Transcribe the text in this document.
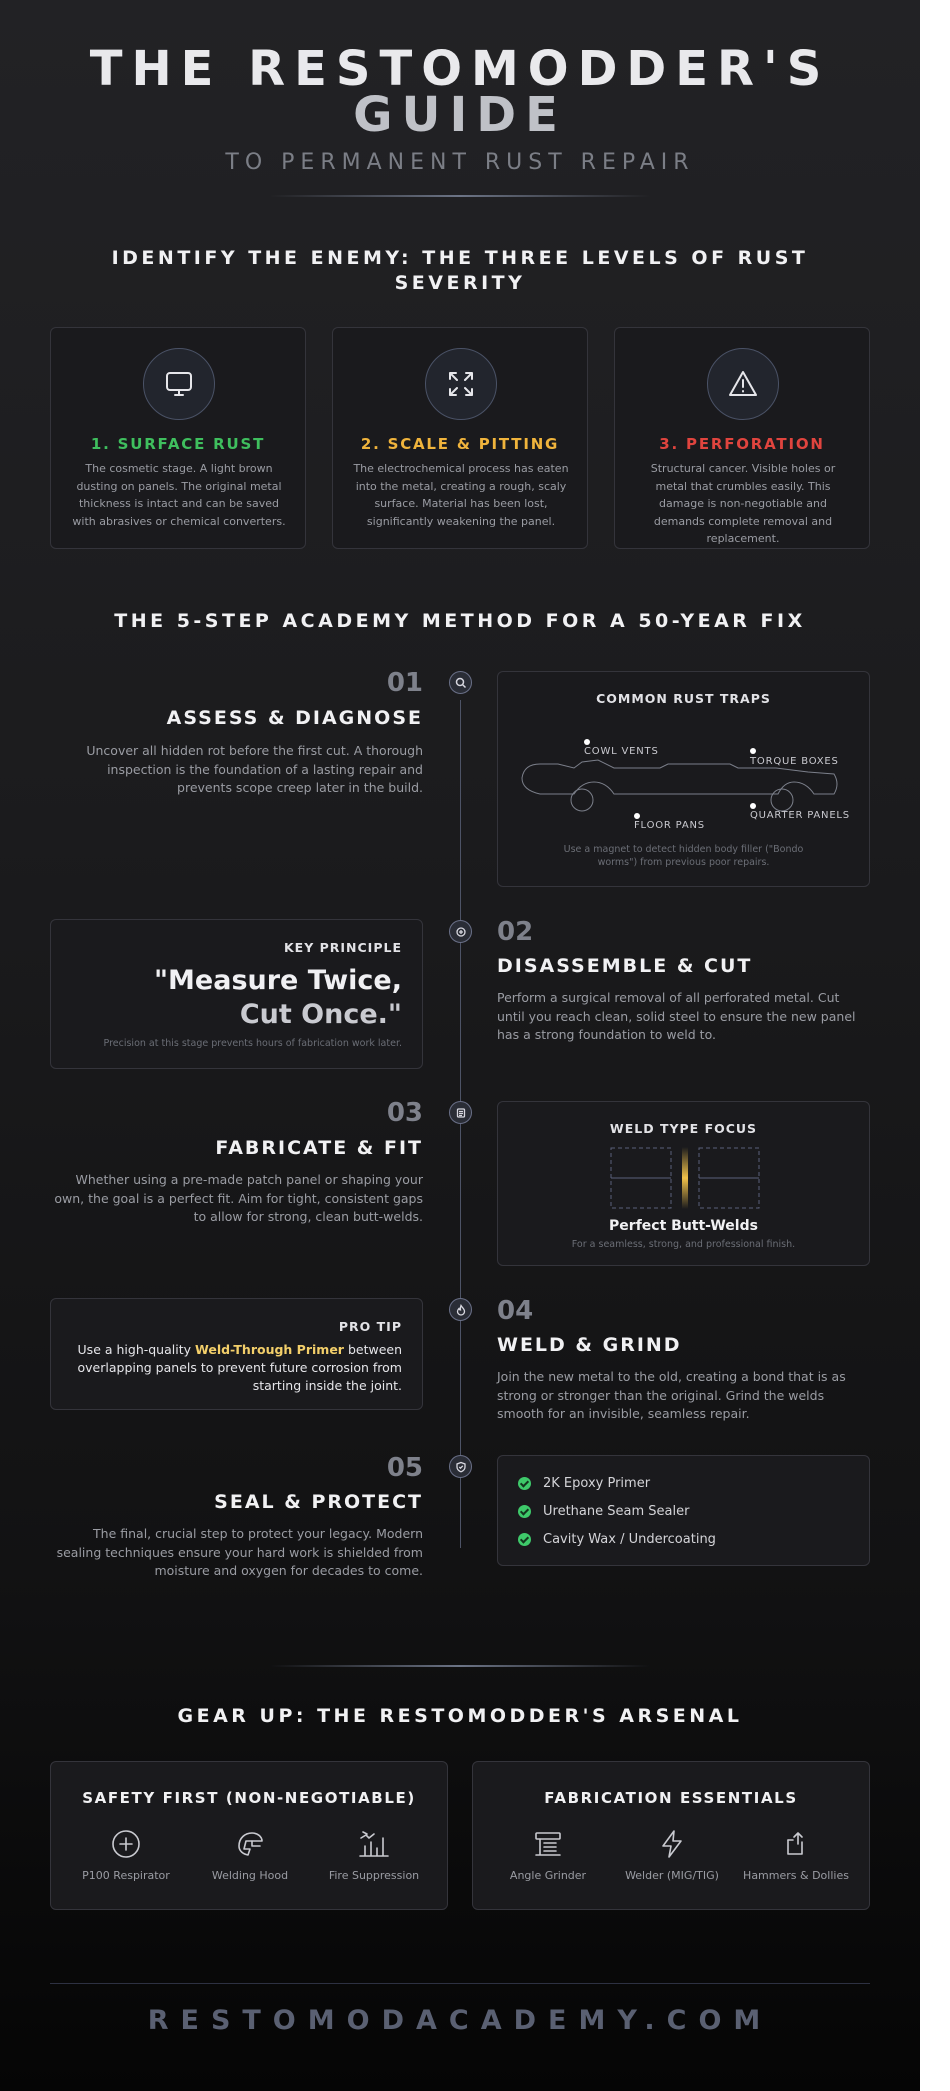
THE RESTOMODDER'S
GUIDE
TO PERMANENT RUST REPAIR
IDENTIFY THE ENEMY: THE THREE LEVELS OF RUST SEVERITY
1. SURFACE RUST
The cosmetic stage. A light brown dusting on panels. The original metal thickness is intact and can be saved with abrasives or chemical converters.
2. SCALE & PITTING
The electrochemical process has eaten into the metal, creating a rough, scaly surface. Material has been lost, significantly weakening the panel.
3. PERFORATION
Structural cancer. Visible holes or metal that crumbles easily. This damage is non-negotiable and demands complete removal and replacement.
THE 5-STEP ACADEMY METHOD FOR A 50-YEAR FIX
01
ASSESS & DIAGNOSE
Uncover all hidden rot before the first cut. A thorough inspection is the foundation of a lasting repair and prevents scope creep later in the build.
COMMON RUST TRAPS
COWL VENTS
TORQUE BOXES
FLOOR PANS
QUARTER PANELS
Use a magnet to detect hidden body filler ("Bondo worms") from previous poor repairs.
KEY PRINCIPLE
"Measure Twice,
Cut Once."
Precision at this stage prevents hours of fabrication work later.
02
DISASSEMBLE & CUT
Perform a surgical removal of all perforated metal. Cut until you reach clean, solid steel to ensure the new panel has a strong foundation to weld to.
03
FABRICATE & FIT
Whether using a pre-made patch panel or shaping your own, the goal is a perfect fit. Aim for tight, consistent gaps to allow for strong, clean butt-welds.
WELD TYPE FOCUS
Perfect Butt-Welds
For a seamless, strong, and professional finish.
PRO TIP
Use a high-quality Weld-Through Primer between overlapping panels to prevent future corrosion from starting inside the joint.
04
WELD & GRIND
Join the new metal to the old, creating a bond that is as strong or stronger than the original. Grind the welds smooth for an invisible, seamless repair.
05
SEAL & PROTECT
The final, crucial step to protect your legacy. Modern sealing techniques ensure your hard work is shielded from moisture and oxygen for decades to come.
2K Epoxy Primer
Urethane Seam Sealer
Cavity Wax / Undercoating
GEAR UP: THE RESTOMODDER'S ARSENAL
SAFETY FIRST (NON-NEGOTIABLE)
P100 Respirator	Welding Hood	Fire Suppression
FABRICATION ESSENTIALS
Angle Grinder	Welder (MIG/TIG)	Hammers & Dollies
RESTOMODACADEMY.COM
